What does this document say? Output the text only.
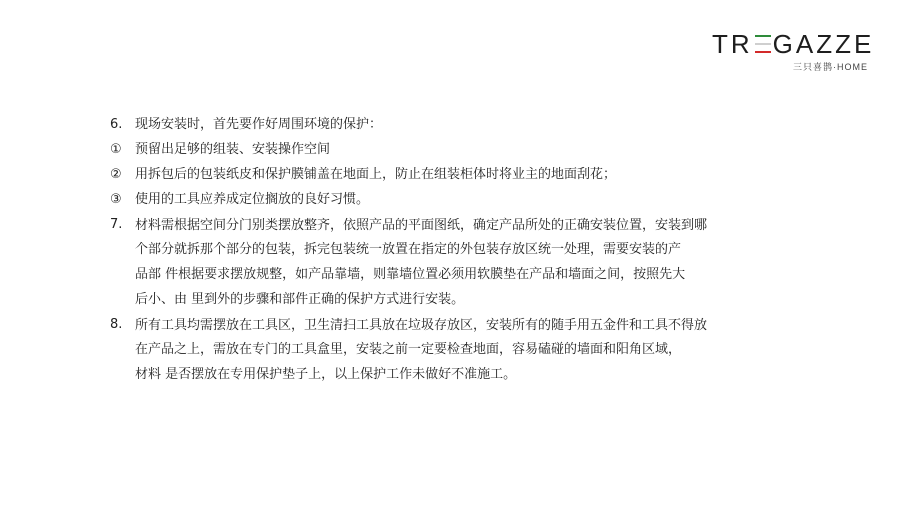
TR GAZZE
三只喜鹊·HOME
6. 现场安装时，首先要作好周围环境的保护：
①	预留出足够的组装、安装操作空间
②	用拆包后的包装纸皮和保护膜铺盖在地面上，防止在组装柜体时将业主的地面刮花；
③	使用的工具应养成定位搁放的良好习惯。
7. 材料需根据空间分门别类摆放整齐，依照产品的平面图纸，确定产品所处的正确安装位置，安装到哪
个部分就拆那个部分的包装，拆完包装统一放置在指定的外包装存放区统一处理，需要安装的产
品部 件根据要求摆放规整，如产品靠墙，则靠墙位置必须用软膜垫在产品和墙面之间，按照先大
后小、由 里到外的步骤和部件正确的保护方式进行安装。
8. 所有工具均需摆放在工具区，卫生清扫工具放在垃圾存放区，安装所有的随手用五金件和工具不得放
在产品之上，需放在专门的工具盒里，安装之前一定要检查地面，容易磕碰的墙面和阳角区域，
材料 是否摆放在专用保护垫子上，以上保护工作未做好不准施工。
